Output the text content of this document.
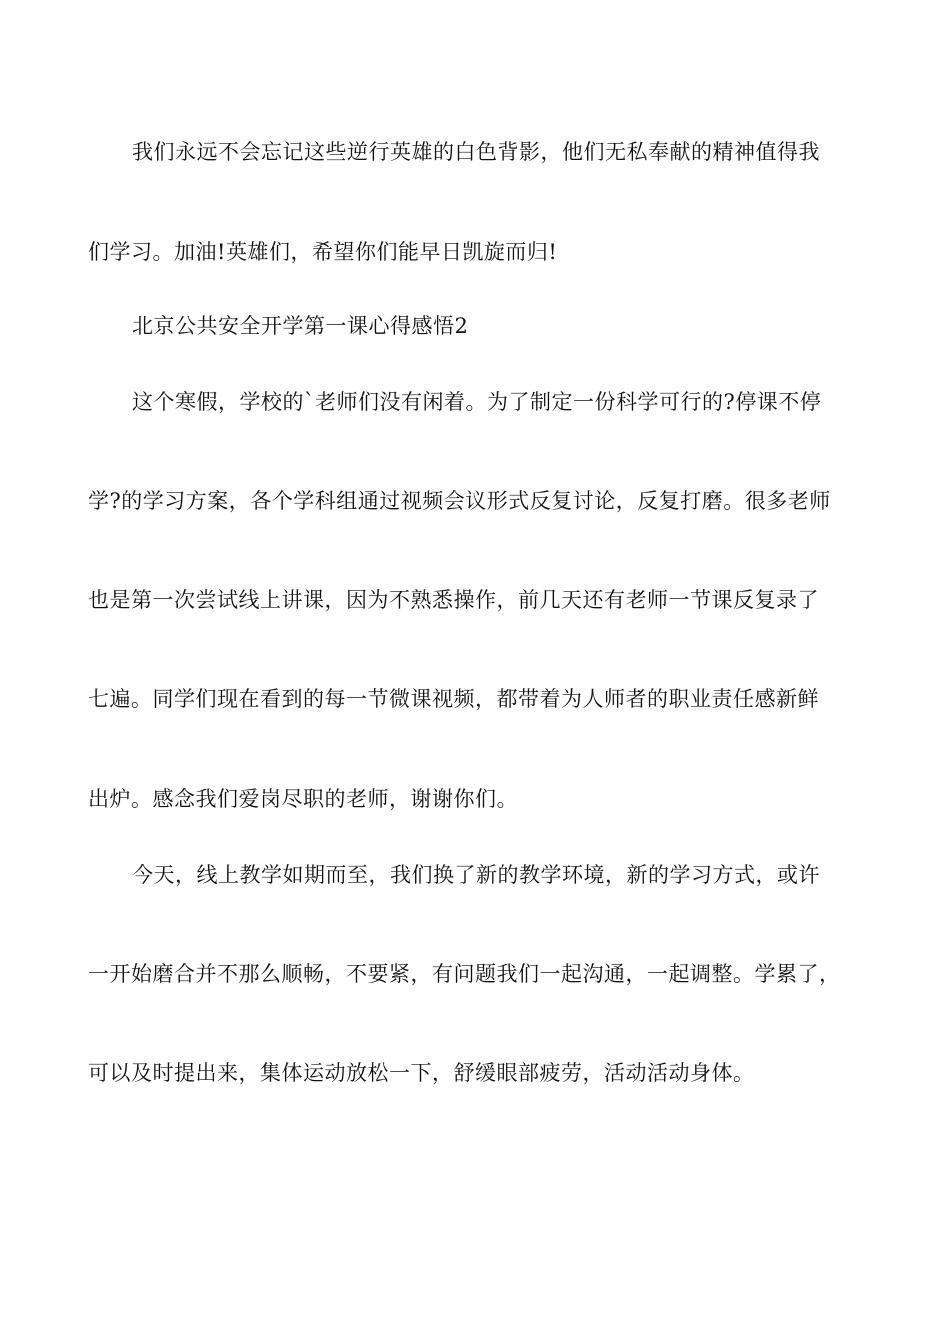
我们永远不会忘记这些逆行英雄的白色背影，他们无私奉献的精神值得我
们学习。加油!英雄们，希望你们能早日凯旋而归!
北京公共安全开学第一课心得感悟2
这个寒假，学校的`老师们没有闲着。为了制定一份科学可行的?停课不停
学?的学习方案，各个学科组通过视频会议形式反复讨论，反复打磨。很多老师
也是第一次尝试线上讲课，因为不熟悉操作，前几天还有老师一节课反复录了
七遍。同学们现在看到的每一节微课视频，都带着为人师者的职业责任感新鲜
出炉。感念我们爱岗尽职的老师，谢谢你们。
今天，线上教学如期而至，我们换了新的教学环境，新的学习方式，或许
一开始磨合并不那么顺畅，不要紧，有问题我们一起沟通，一起调整。学累了，
可以及时提出来，集体运动放松一下，舒缓眼部疲劳，活动活动身体。
